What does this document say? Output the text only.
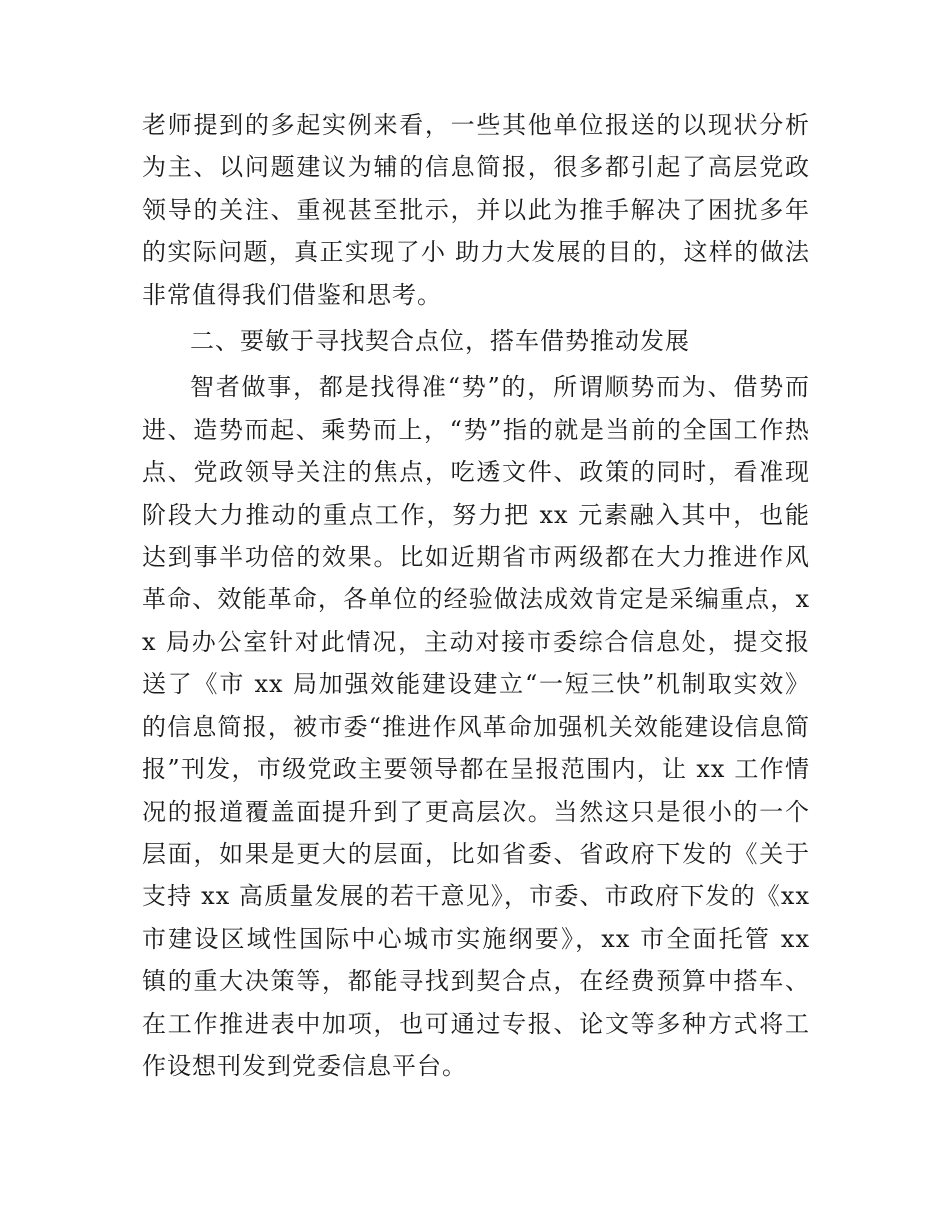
老师提到的多起实例来看，一些其他单位报送的以现状分析为主、以问题建议为辅的信息简报，很多都引起了高层党政领导的关注、重视甚至批示，并以此为推手解决了困扰多年的实际问题，真正实现了小 助力大发展的目的，这样的做法非常值得我们借鉴和思考。

二、要敏于寻找契合点位，搭车借势推动发展

智者做事，都是找得准“势”的，所谓顺势而为、借势而进、造势而起、乘势而上，“势”指的就是当前的全国工作热点、党政领导关注的焦点，吃透文件、政策的同时，看准现阶段大力推动的重点工作，努力把 xx 元素融入其中，也能达到事半功倍的效果。比如近期省市两级都在大力推进作风革命、效能革命，各单位的经验做法成效肯定是采编重点，xx 局办公室针对此情况，主动对接市委综合信息处，提交报送了《市 xx 局加强效能建设建立“一短三快”机制取实效》的信息简报，被市委“推进作风革命加强机关效能建设信息简报”刊发，市级党政主要领导都在呈报范围内，让 xx 工作情况的报道覆盖面提升到了更高层次。当然这只是很小的一个层面，如果是更大的层面，比如省委、省政府下发的《关于支持 xx 高质量发展的若干意见》，市委、市政府下发的《xx 市建设区域性国际中心城市实施纲要》，xx 市全面托管 xx 镇的重大决策等，都能寻找到契合点，在经费预算中搭车、在工作推进表中加项，也可通过专报、论文等多种方式将工作设想刊发到党委信息平台。
